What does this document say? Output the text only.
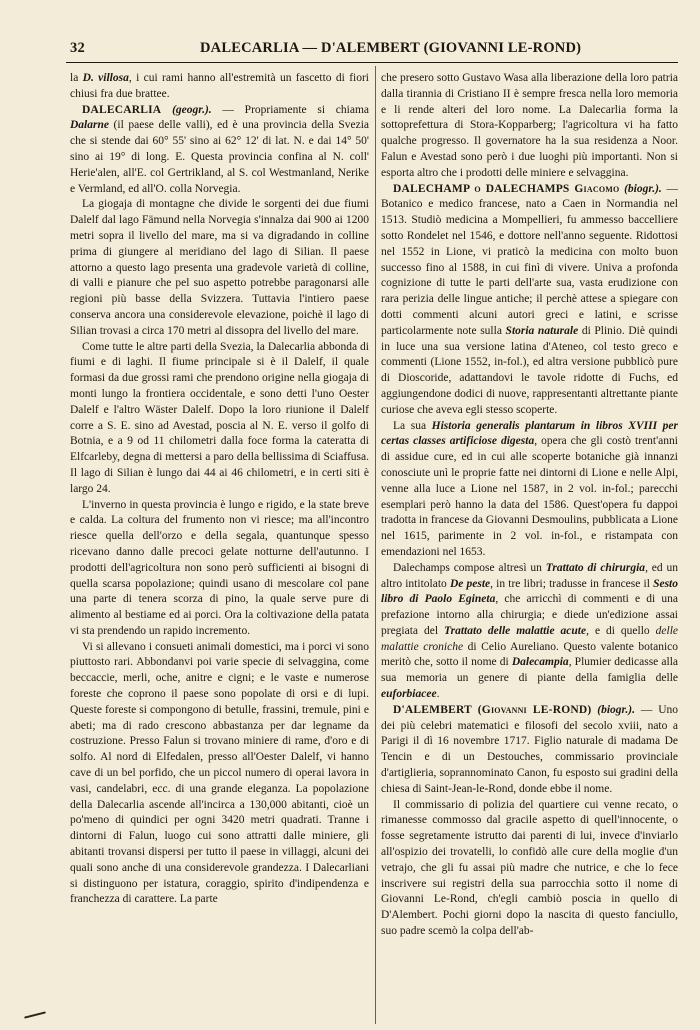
32	DALECARLIA — D'ALEMBERT (GIOVANNI LE-ROND)

la D. villosa, i cui rami hanno all'estremità un fascetto di fiori chiusi fra due brattee.

DALECARLIA (geogr.). — Propriamente si chiama Dalarne (il paese delle valli), ed è una provincia della Svezia che si stende dai 60° 55' sino ai 62° 12' di lat. N. e dai 14° 50' sino ai 19° di long. E. Questa provincia confina al N. coll' Herie'alen, all'E. col Gertrikland, al S. col Westmanland, Nerike e Vermland, ed all'O. colla Norvegia.

La giogaja di montagne che divide le sorgenti dei due fiumi Dalelf dal lago Fämund nella Norvegia s'innalza dai 900 ai 1200 metri sopra il livello del mare, ma si va digradando in colline prima di giungere al meridiano del lago di Silian. Il paese attorno a questo lago presenta una gradevole varietà di colline, di valli e pianure che pel suo aspetto potrebbe paragonarsi alle regioni più basse della Svizzera. Tuttavia l'intiero paese conserva ancora una considerevole elevazione, poichè il lago di Silian trovasi a circa 170 metri al dissopra del livello del mare.

Come tutte le altre parti della Svezia, la Dalecarlia abbonda di fiumi e di laghi. Il fiume principale si è il Dalelf, il quale formasi da due grossi rami che prendono origine nella giogaja di monti lungo la frontiera occidentale, e sono detti l'uno Oester Dalelf e l'altro Wäster Dalelf. Dopo la loro riunione il Dalelf corre a S. E. sino ad Avestad, poscia al N. E. verso il golfo di Botnia, e a 9 od 11 chilometri dalla foce forma la cateratta di Elfcarleby, degna di mettersi a paro della bellissima di Sciaffusa. Il lago di Silian è lungo dai 44 ai 46 chilometri, e in certi siti è largo 24.

L'inverno in questa provincia è lungo e rigido, e la state breve e calda. La coltura del frumento non vi riesce; ma all'incontro riesce quella dell'orzo e della segala, quantunque spesso ricevano danno dalle precoci gelate notturne dell'autunno. I prodotti dell'agricoltura non sono però sufficienti ai bisogni di quella scarsa popolazione; quindi usano di mescolare col pane una parte di tenera scorza di pino, la quale serve pure di alimento al bestiame ed ai porci. Ora la coltivazione della patata vi sta prendendo un rapido incremento.

Vi si allevano i consueti animali domestici, ma i porci vi sono piuttosto rari. Abbondanvi poi varie specie di selvaggina, come beccaccie, merli, oche, anitre e cigni; e le vaste e numerose foreste che coprono il paese sono popolate di orsi e di lupi. Queste foreste si compongono di betulle, frassini, tremule, pini e abeti; ma di rado crescono abbastanza per dar legname da costruzione. Presso Falun si trovano miniere di rame, d'oro e di solfo. Al nord di Elfedalen, presso all'Oester Dalelf, vi hanno cave di un bel porfido, che un piccol numero di operai lavora in vasi, candelabri, ecc. di una grande eleganza. La popolazione della Dalecarlia ascende all'incirca a 130,000 abitanti, cioè un po'meno di quindici per ogni 3420 metri quadrati. Tranne i dintorni di Falun, luogo cui sono attratti dalle miniere, gli abitanti trovansi dispersi per tutto il paese in villaggi, alcuni dei quali sono anche di una considerevole grandezza. I Dalecarliani si distinguono per istatura, coraggio, spirito d'indipendenza e franchezza di carattere. La parte

che presero sotto Gustavo Wasa alla liberazione della loro patria dalla tirannia di Cristiano II è sempre fresca nella loro memoria e li rende alteri del loro nome. La Dalecarlia forma la sottoprefettura di Stora-Kopparberg; l'agricoltura vi ha fatto qualche progresso. Il governatore ha la sua residenza a Noor. Falun e Avestad sono però i due luoghi più importanti. Non si esporta altro che i prodotti delle miniere e selvaggina.

DALECHAMP o DALECHAMPS Giacomo (biogr.). — Botanico e medico francese, nato a Caen in Normandia nel 1513. Studiò medicina a Mompellieri, fu ammesso baccelliere sotto Rondelet nel 1546, e dottore nell'anno seguente. Ridottosi nel 1552 in Lione, vi praticò la medicina con molto buon successo fino al 1588, in cui finì di vivere. Univa a profonda cognizione di tutte le parti dell'arte sua, vasta erudizione con rara perizia delle lingue antiche; il perchè attese a spiegare con dotti commenti alcuni autori greci e latini, e scrisse particolarmente note sulla Storia naturale di Plinio. Diè quindi in luce una sua versione latina d'Ateneo, col testo greco e commenti (Lione 1552, in-fol.), ed altra versione pubblicò pure di Dioscoride, adattandovi le tavole ridotte di Fuchs, ed aggiungendone dodici di nuove, rappresentanti altrettante piante curiose che aveva egli stesso scoperte.

La sua Historia generalis plantarum in libros XVIII per certas classes artificiose digesta, opera che gli costò trent'anni di assidue cure, ed in cui alle scoperte botaniche già innanzi conosciute unì le proprie fatte nei dintorni di Lione e nelle Alpi, venne alla luce a Lione nel 1587, in 2 vol. in-fol.; parecchi esemplari però hanno la data del 1586. Quest'opera fu dappoi tradotta in francese da Giovanni Desmoulins, pubblicata a Lione nel 1615, parimente in 2 vol. in-fol., e ristampata con emendazioni nel 1653.

Dalechamps compose altresì un Trattato di chirurgia, ed un altro intitolato De peste, in tre libri; tradusse in francese il Sesto libro di Paolo Egineta, che arricchì di commenti e di una prefazione intorno alla chirurgia; e diede un'edizione assai pregiata del Trattato delle malattie acute, e di quello delle malattie croniche di Celio Aureliano. Questo valente botanico meritò che, sotto il nome di Dalecampia, Plumier dedicasse alla sua memoria un genere di piante della famiglia delle euforbiacee.

D'ALEMBERT (Giovanni LE-ROND) (biogr.). — Uno dei più celebri matematici e filosofi del secolo xviii, nato a Parigi il dì 16 novembre 1717. Figlio naturale di madama De Tencin e di un Destouches, commissario provinciale d'artiglieria, soprannominato Canon, fu esposto sui gradini della chiesa di Saint-Jean-le-Rond, donde ebbe il nome.

Il commissario di polizia del quartiere cui venne recato, o rimanesse commosso dal gracile aspetto di quell'innocente, o fosse segretamente istrutto dai parenti di lui, invece d'inviarlo all'ospizio dei trovatelli, lo confidò alle cure della moglie d'un vetrajo, che gli fu assai più madre che nutrice, e che lo fece inscrivere sui registri della sua parrocchia sotto il nome di Giovanni Le-Rond, ch'egli cambiò poscia in quello di D'Alembert. Pochi giorni dopo la nascita di questo fanciullo, suo padre scemò la colpa dell'ab-
